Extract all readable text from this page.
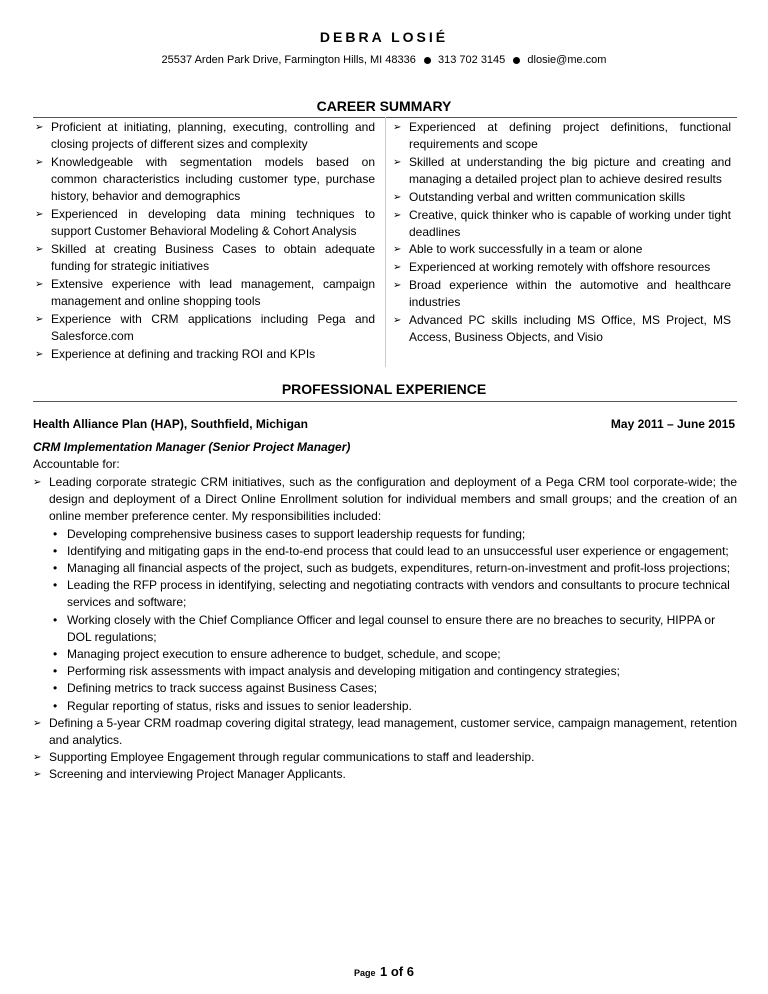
DEBRA LOSIÉ
25537 Arden Park Drive, Farmington Hills, MI 48336 313 702 3145 dlosie@me.com
CAREER SUMMARY
➢ Proficient at initiating, planning, executing, controlling and closing projects of different sizes and complexity
➢ Knowledgeable with segmentation models based on common characteristics including customer type, purchase history, behavior and demographics
➢ Experienced in developing data mining techniques to support Customer Behavioral Modeling & Cohort Analysis
➢ Skilled at creating Business Cases to obtain adequate funding for strategic initiatives
➢ Extensive experience with lead management, campaign management and online shopping tools
➢ Experience with CRM applications including Pega and Salesforce.com
➢ Experience at defining and tracking ROI and KPIs
➢ Experienced at defining project definitions, functional requirements and scope
➢ Skilled at understanding the big picture and creating and managing a detailed project plan to achieve desired results
➢ Outstanding verbal and written communication skills
➢ Creative, quick thinker who is capable of working under tight deadlines
➢ Able to work successfully in a team or alone
➢ Experienced at working remotely with offshore resources
➢ Broad experience within the automotive and healthcare industries
➢ Advanced PC skills including MS Office, MS Project, MS Access, Business Objects, and Visio
PROFESSIONAL EXPERIENCE
Health Alliance Plan (HAP), Southfield, Michigan	May 2011 – June 2015
CRM Implementation Manager (Senior Project Manager)
Accountable for:
➢ Leading corporate strategic CRM initiatives, such as the configuration and deployment of a Pega CRM tool corporate-wide; the design and deployment of a Direct Online Enrollment solution for individual members and small groups; and the creation of an online member preference center. My responsibilities included:
• Developing comprehensive business cases to support leadership requests for funding;
• Identifying and mitigating gaps in the end-to-end process that could lead to an unsuccessful user experience or engagement;
• Managing all financial aspects of the project, such as budgets, expenditures, return-on-investment and profit-loss projections;
• Leading the RFP process in identifying, selecting and negotiating contracts with vendors and consultants to procure technical services and software;
• Working closely with the Chief Compliance Officer and legal counsel to ensure there are no breaches to security, HIPPA or DOL regulations;
• Managing project execution to ensure adherence to budget, schedule, and scope;
• Performing risk assessments with impact analysis and developing mitigation and contingency strategies;
• Defining metrics to track success against Business Cases;
• Regular reporting of status, risks and issues to senior leadership.
➢ Defining a 5-year CRM roadmap covering digital strategy, lead management, customer service, campaign management, retention and analytics.
➢ Supporting Employee Engagement through regular communications to staff and leadership.
➢ Screening and interviewing Project Manager Applicants.
Page 1 of 6
